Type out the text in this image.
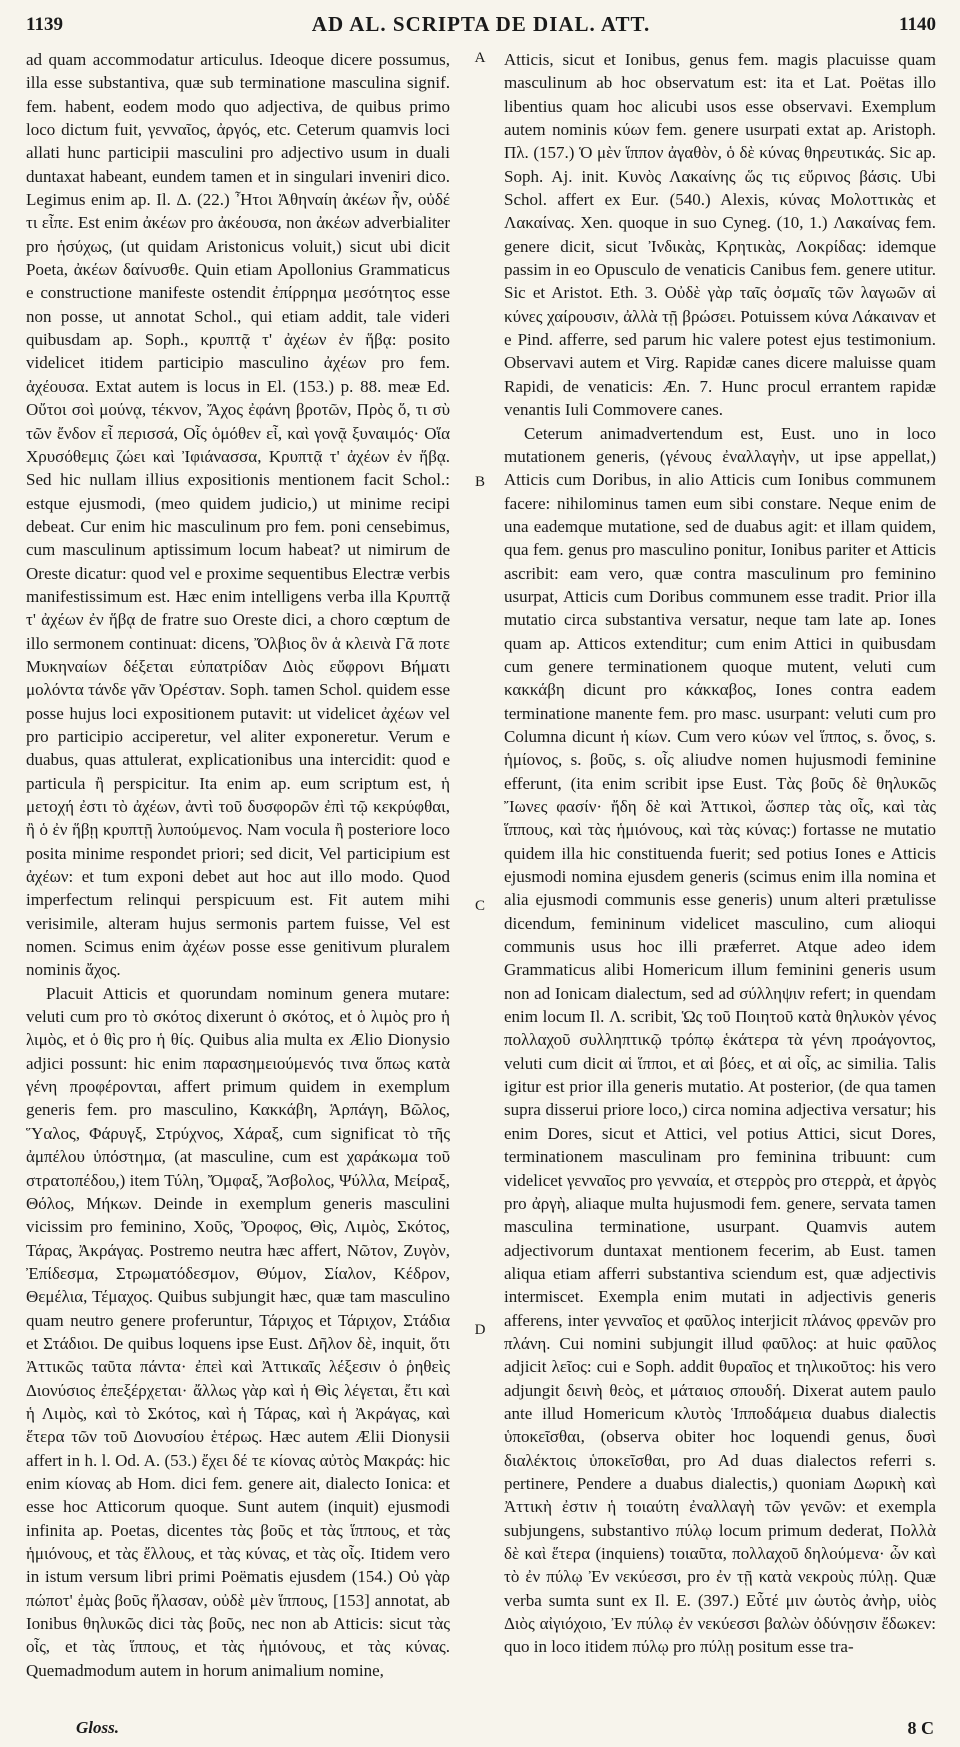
1139	AD AL. SCRIPTA DE DIAL. ATT.	1140

ad quam accommodatur articulus. Ideoque dicere possumus, illa esse substantiva, quæ sub terminatione masculina signif. fem. habent, eodem modo quo adjectiva, de quibus primo loco dictum fuit, γενναῖος, ἀργός, etc. Ceterum quamvis loci allati hunc participii masculini pro adjectivo usum in duali duntaxat habeant, eundem tamen et in singulari inveniri dico. Legimus enim ap. Il. Δ. (22.) Ἦτοι Ἀθηναίη ἀκέων ἦν, οὐδέ τι εἶπε. Est enim ἀκέων pro ἀκέουσα, non ἀκέων adverbialiter pro ἡσύχως, (ut quidam Aristonicus voluit,) sicut ubi dicit Poeta, ἀκέων δαίνυσθε. Quin etiam Apollonius Grammaticus e constructione manifeste ostendit ἐπίρρημα μεσότητος esse non posse, ut annotat Schol., qui etiam addit, tale videri quibusdam ap. Soph., κρυπτᾷ τ' ἀχέων ἐν ἥβᾳ: posito videlicet itidem participio masculino ἀχέων pro fem. ἀχέουσα. Extat autem is locus in El. (153.) p. 88. meæ Ed. Οὔτοι σοὶ μούνᾳ, τέκνον, Ἄχος ἐφάνη βροτῶν, Πρὸς ὅ, τι σὺ τῶν ἔνδον εἶ περισσά, Οἷς ὁμόθεν εἶ, καὶ γονᾷ ξυναιμός· Οἵα Χρυσόθεμις ζώει καὶ Ἰφιάνασσα, Κρυπτᾷ τ' ἀχέων ἐν ἥβᾳ. Sed hic nullam illius expositionis mentionem facit Schol.: estque ejusmodi, (meo quidem judicio,) ut minime recipi debeat. Cur enim hic masculinum pro fem. poni censebimus, cum masculinum aptissimum locum habeat? ut nimirum de Oreste dicatur: quod vel e proxime sequentibus Electræ verbis manifestissimum est. Hæc enim intelligens verba illa Κρυπτᾷ τ' ἀχέων ἐν ἥβᾳ de fratre suo Oreste dici, a choro cœptum de illo sermonem continuat: dicens, Ὄλβιος ὃν ἁ κλεινὰ Γᾶ ποτε Μυκηναίων δέξεται εὐπατρίδαν Διὸς εὔφρονι Βήματι μολόντα τάνδε γᾶν Ὀρέσταν. Soph. tamen Schol. quidem esse posse hujus loci expositionem putavit: ut videlicet ἀχέων vel pro participio acciperetur, vel aliter exponeretur. Verum e duabus, quas attulerat, explicationibus una intercidit: quod e particula ἢ perspicitur. Ita enim ap. eum scriptum est, ἡ μετοχή ἐστι τὸ ἀχέων, ἀντὶ τοῦ δυσφορῶν ἐπὶ τῷ κεκρύφθαι, ἢ ὁ ἐν ἥβῃ κρυπτῇ λυπούμενος. Nam vocula ἢ posteriore loco posita minime respondet priori; sed dicit, Vel participium est ἀχέων: et tum exponi debet aut hoc aut illo modo. Quod imperfectum relinqui perspicuum est. Fit autem mihi verisimile, alteram hujus sermonis partem fuisse, Vel est nomen. Scimus enim ἀχέων posse esse genitivum pluralem nominis ἄχος.

Placuit Atticis et quorundam nominum genera mutare: veluti cum pro τὸ σκότος dixerunt ὁ σκότος, et ὁ λιμὸς pro ἡ λιμὸς, et ὁ θὶς pro ἡ θίς. Quibus alia multa ex Ælio Dionysio adjici possunt: hic enim παρασημειούμενός τινα ὅπως κατὰ γένη προφέρονται, affert primum quidem in exemplum generis fem. pro masculino, Κακκάβη, Ἁρπάγη, Βῶλος, Ὕαλος, Φάρυγξ, Στρύχνος, Χάραξ, cum significat τὸ τῆς ἀμπέλου ὑπόστημα, (at masculine, cum est χαράκωμα τοῦ στρατοπέδου,) item Τύλη, Ὄμφαξ, Ἄσβολος, Ψύλλα, Μείραξ, Θόλος, Μήκων. Deinde in exemplum generis masculini vicissim pro feminino, Χοῦς, Ὄροφος, Θὶς, Λιμὸς, Σκότος, Τάρας, Ἀκράγας. Postremo neutra hæc affert, Νῶτον, Ζυγὸν, Ἐπίδεσμα, Στρωματόδεσμον, Θύμον, Σίαλον, Κέδρον, Θεμέλια, Τέμαχος. Quibus subjungit hæc, quæ tam masculino quam neutro genere proferuntur, Τάριχος et Τάριχον, Στάδια et Στάδιοι. De quibus loquens ipse Eust. Δῆλον δὲ, inquit, ὅτι Ἀττικῶς ταῦτα πάντα· ἐπεὶ καὶ Ἀττικαῖς λέξεσιν ὁ ῥηθεὶς Διονύσιος ἐπεξέρχεται· ἄλλως γὰρ καὶ ἡ Θὶς λέγεται, ἔτι καὶ ἡ Λιμὸς, καὶ τὸ Σκότος, καὶ ἡ Τάρας, καὶ ἡ Ἀκράγας, καὶ ἕτερα τῶν τοῦ Διονυσίου ἑτέρως. Hæc autem Ælii Dionysii affert in h. l. Od. A. (53.) ἔχει δέ τε κίονας αὐτὸς Μακράς: hic enim κίονας ab Hom. dici fem. genere ait, dialecto Ionica: et esse hoc Atticorum quoque. Sunt autem (inquit) ejusmodi infinita ap. Poetas, dicentes τὰς βοῦς et τὰς ἵππους, et τὰς ἡμιόνους, et τὰς ἔλλους, et τὰς κύνας, et τὰς οἶς. Itidem vero in istum versum libri primi Poëmatis ejusdem (154.) Οὐ γὰρ πώποτ' ἐμὰς βοῦς ἤλασαν, οὐδὲ μὲν ἵππους, [153] annotat, ab Ionibus θηλυκῶς dici τὰς βοῦς, nec non ab Atticis: sicut τὰς οἶς, et τὰς ἵππους, et τὰς ἡμιόνους, et τὰς κύνας. Quemadmodum autem in horum animalium nomine,

A
B
C
D

Atticis, sicut et Ionibus, genus fem. magis placuisse quam masculinum ab hoc observatum est: ita et Lat. Poëtas illo libentius quam hoc alicubi usos esse observavi. Exemplum autem nominis κύων fem. genere usurpati extat ap. Aristoph. Πλ. (157.) Ὁ μὲν ἵππον ἀγαθὸν, ὁ δὲ κύνας θηρευτικάς. Sic ap. Soph. Aj. init. Κυνὸς Λακαίνης ὥς τις εὔρινος βάσις. Ubi Schol. affert ex Eur. (540.) Alexis, κύνας Μολοττικὰς et Λακαίνας. Xen. quoque in suo Cyneg. (10, 1.) Λακαίνας fem. genere dicit, sicut Ἰνδικὰς, Κρητικὰς, Λοκρίδας: idemque passim in eo Opusculo de venaticis Canibus fem. genere utitur. Sic et Aristot. Eth. 3. Οὐδὲ γὰρ ταῖς ὀσμαῖς τῶν λαγωῶν αἱ κύνες χαίρουσιν, ἀλλὰ τῇ βρώσει. Potuissem κύνα Λάκαιναν et e Pind. afferre, sed parum hic valere potest ejus testimonium. Observavi autem et Virg. Rapidæ canes dicere maluisse quam Rapidi, de venaticis: Æn. 7. Hunc procul errantem rapidæ venantis Iuli Commovere canes.

Ceterum animadvertendum est, Eust. uno in loco mutationem generis, (γένους ἐναλλαγὴν, ut ipse appellat,) Atticis cum Doribus, in alio Atticis cum Ionibus communem facere: nihilominus tamen eum sibi constare. Neque enim de una eademque mutatione, sed de duabus agit: et illam quidem, qua fem. genus pro masculino ponitur, Ionibus pariter et Atticis ascribit: eam vero, quæ contra masculinum pro feminino usurpat, Atticis cum Doribus communem esse tradit. Prior illa mutatio circa substantiva versatur, neque tam late ap. Iones quam ap. Atticos extenditur; cum enim Attici in quibusdam cum genere terminationem quoque mutent, veluti cum κακκάβη dicunt pro κάκκαβος, Iones contra eadem terminatione manente fem. pro masc. usurpant: veluti cum pro Columna dicunt ἡ κίων. Cum vero κύων vel ἵππος, s. ὄνος, s. ἡμίονος, s. βοῦς, s. οἶς aliudve nomen hujusmodi feminine efferunt, (ita enim scribit ipse Eust. Τὰς βοῦς δὲ θηλυκῶς Ἴωνες φασίν· ἤδη δὲ καὶ Ἀττικοὶ, ὥσπερ τὰς οἶς, καὶ τὰς ἵππους, καὶ τὰς ἡμιόνους, καὶ τὰς κύνας:) fortasse ne mutatio quidem illa hic constituenda fuerit; sed potius Iones e Atticis ejusmodi nomina ejusdem generis (scimus enim illa nomina et alia ejusmodi communis esse generis) unum alteri prætulisse dicendum, femininum videlicet masculino, cum alioqui communis usus hoc illi præferret. Atque adeo idem Grammaticus alibi Homericum illum feminini generis usum non ad Ionicam dialectum, sed ad σύλληψιν refert; in quendam enim locum Il. Λ. scribit, Ὡς τοῦ Ποιητοῦ κατὰ θηλυκὸν γένος πολλαχοῦ συλληπτικῷ τρόπῳ ἑκάτερα τὰ γένη προάγοντος, veluti cum dicit αἱ ἵπποι, et αἱ βόες, et αἱ οἶς, ac similia. Talis igitur est prior illa generis mutatio. At posterior, (de qua tamen supra disserui priore loco,) circa nomina adjectiva versatur; his enim Dores, sicut et Attici, vel potius Attici, sicut Dores, terminationem masculinam pro feminina tribuunt: cum videlicet γενναῖος pro γενναία, et στερρὸς pro στερρὰ, et ἀργὸς pro ἀργὴ, aliaque multa hujusmodi fem. genere, servata tamen masculina terminatione, usurpant. Quamvis autem adjectivorum duntaxat mentionem fecerim, ab Eust. tamen aliqua etiam afferri substantiva sciendum est, quæ adjectivis intermiscet. Exempla enim mutati in adjectivis generis afferens, inter γενναῖος et φαῦλος interjicit πλάνος φρενῶν pro πλάνη. Cui nomini subjungit illud φαῦλος: at huic φαῦλος adjicit λεῖος: cui e Soph. addit θυραῖος et τηλικοῦτος: his vero adjungit δεινὴ θεὸς, et μάταιος σπουδή. Dixerat autem paulo ante illud Homericum κλυτὸς Ἱπποδάμεια duabus dialectis ὑποκεῖσθαι, (observa obiter hoc loquendi genus, δυσὶ διαλέκτοις ὑποκεῖσθαι, pro Ad duas dialectos referri s. pertinere, Pendere a duabus dialectis,) quoniam Δωρικὴ καὶ Ἀττικὴ ἐστιν ἡ τοιαύτη ἐναλλαγὴ τῶν γενῶν: et exempla subjungens, substantivo πύλῳ locum primum dederat, Πολλὰ δὲ καὶ ἕτερα (inquiens) τοιαῦτα, πολλαχοῦ δηλούμενα· ὧν καὶ τὸ ἐν πύλῳ Ἐν νεκύεσσι, pro ἐν τῇ κατὰ νεκροὺς πύλῃ. Quæ verba sumta sunt ex Il. E. (397.) Εὖτέ μιν ὡυτὸς ἀνὴρ, υἱὸς Διὸς αἰγιόχοιο, Ἐν πύλῳ ἐν νεκύεσσι βαλὼν ὀδύνῃσιν ἔδωκεν: quo in loco itidem πύλῳ pro πύλῃ positum esse tra-

Gloss.	8 C
